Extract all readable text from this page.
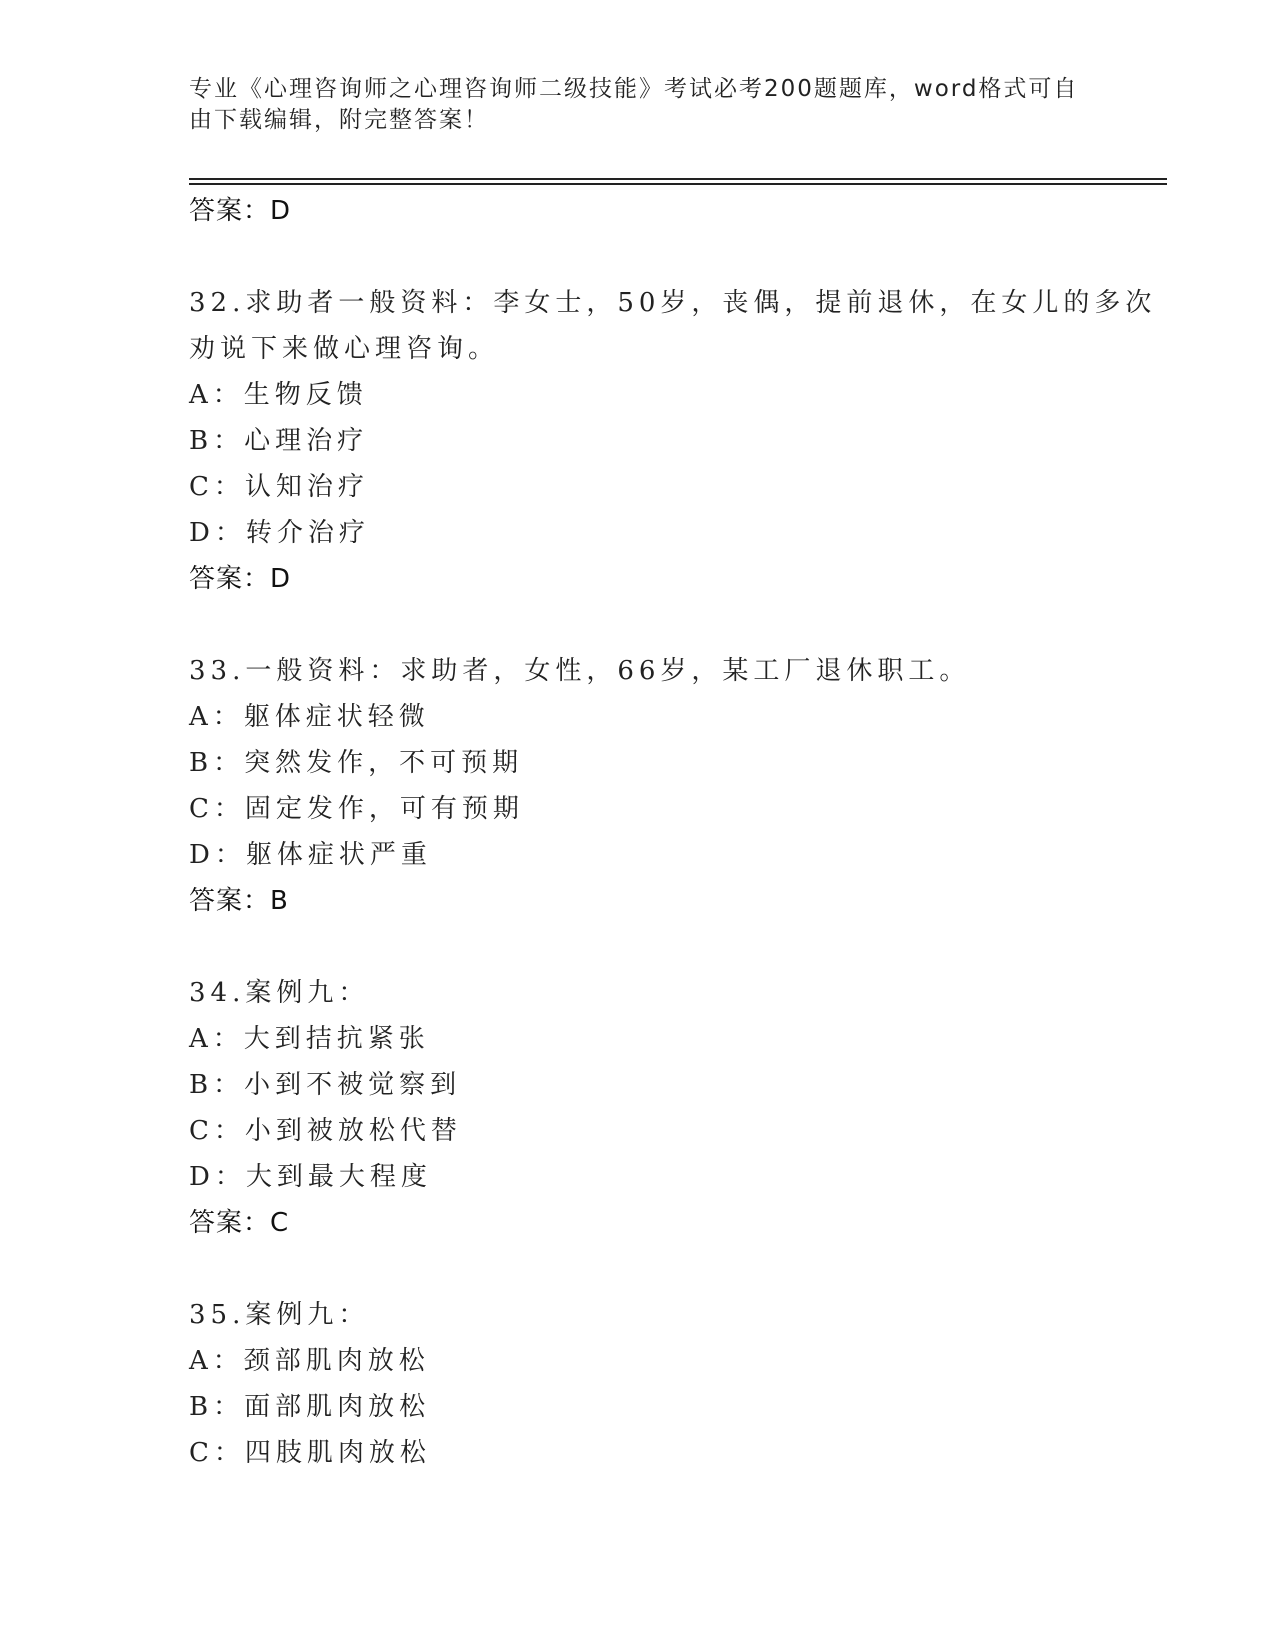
专业《心理咨询师之心理咨询师二级技能》考试必考200题题库，word格式可自
由下载编辑，附完整答案！
答案：D
32.求助者一般资料：李女士，50岁，丧偶，提前退休，在女儿的多次
劝说下来做心理咨询。
A：生物反馈
B：心理治疗
C：认知治疗
D：转介治疗
答案：D
33.一般资料：求助者，女性，66岁，某工厂退休职工。
A：躯体症状轻微
B：突然发作，不可预期
C：固定发作，可有预期
D：躯体症状严重
答案：B
34.案例九：
A：大到拮抗紧张
B：小到不被觉察到
C：小到被放松代替
D：大到最大程度
答案：C
35.案例九：
A：颈部肌肉放松
B：面部肌肉放松
C：四肢肌肉放松
